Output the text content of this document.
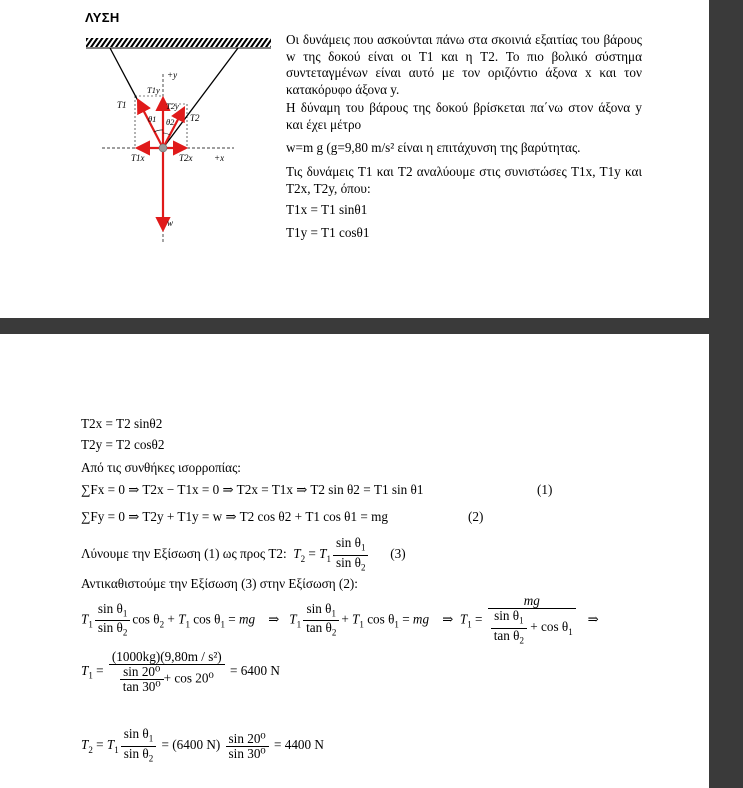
ΛΥΣΗ
+y
T1
T1y
T2y
T2
θ1 θ2
T1x	T2x +x
w
Οι δυνάμεις που ασκούνται πάνω στα σκοινιά εξαιτίας του βάρους w της δοκού είναι οι T1 και η T2. Το πιο βολικό σύστημα συντεταγμένων είναι αυτό με τον οριζόντιο άξονα x και τον κατακόρυφο άξονα y.
Η δύναμη του βάρους της δοκού βρίσκεται πα΄νω στον άξονα y και έχει μέτρο
w=m g (g=9,80 m/s² είναι η επιτάχυνση της βαρύτητας.
Τις δυνάμεις T1 και T2 αναλύουμε στις συνιστώσες T1x, T1y και T2x, T2y, όπου:
T1x = T1 sinθ1
T1y = T1 cosθ1
T2x = T2 sinθ2
T2y = T2 cosθ2
Από τις συνθήκες ισορροπίας:
∑Fx = 0 ⇒ T2x − T1x = 0 ⇒ T2x = T1x ⇒ T2 sin θ2 = T1 sin θ1	(1)
∑Fy = 0 ⇒ T2y + T1y = w ⇒ T2 cos θ2 + T1 cos θ1 = mg	(2)
Λύνουμε την Εξίσωση (1) ως προς T2: $T_2 = T_1 \frac{\sin \theta_1}{\sin \theta_2} (3)$
Αντικαθιστούμε την Εξίσωση (3) στην Εξίσωση (2):
$T_1 \frac{\sin \theta_1}{\sin \theta_2}$ $\cos \theta_2 + T_1$ $\cos \theta_1$ = mg    ⇒   $T_1 \frac{\sin \theta_1}{\tan \theta_2} + T_1$ $\cos \theta_1$ = mg    ⇒  $T_1 = \frac{mg}{\frac{\sin \theta_1}{\tan \theta_2} + \cos \theta_1}$ ⇒
$T_1 = \frac{\text{(1000kg)(9,80m / s²)}}{\frac{\text{sin 20⁰}}{\text{tan 30⁰}} + \cos 20^0} = 6400$ N
$T_2 = T_1 \frac{\sin \theta_1}{\sin \theta_2} = (6400$ $N) \frac{\text{sin 20⁰}}{\text{sin 30⁰}} = 4400$ N
